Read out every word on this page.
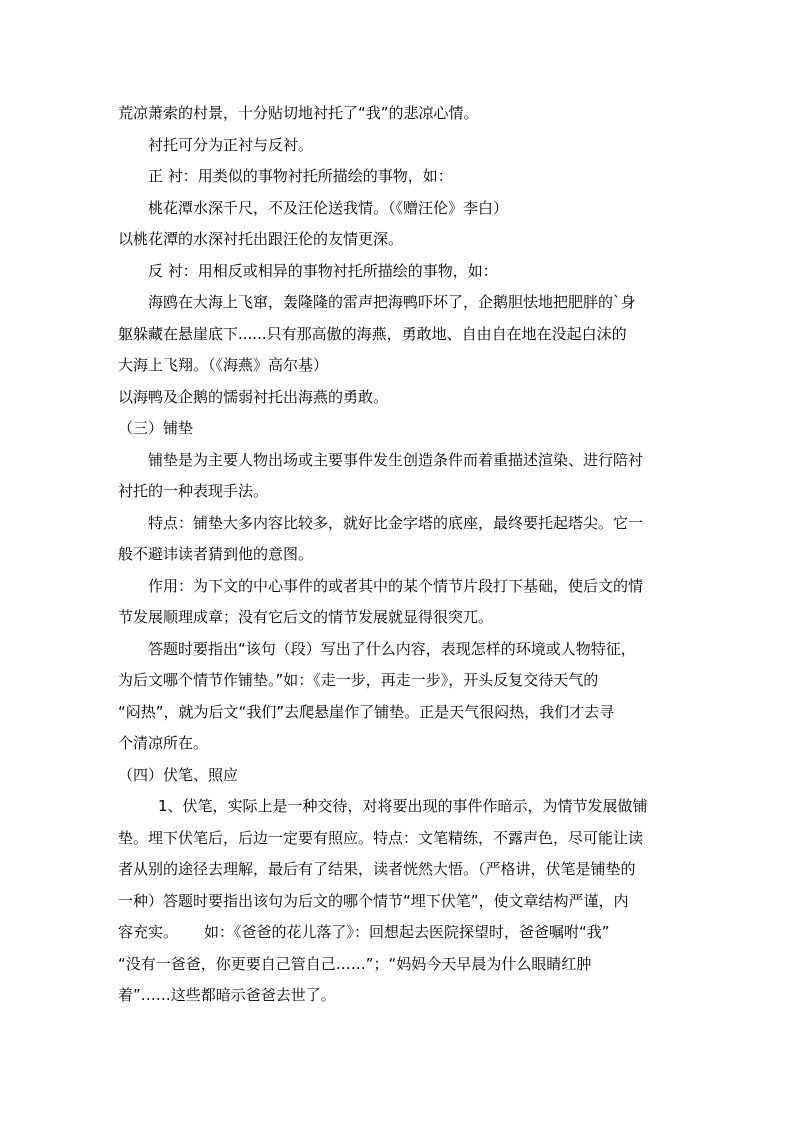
荒凉萧索的村景，十分贴切地衬托了“我”的悲凉心情。
衬托可分为正衬与反衬。
正 衬：用类似的事物衬托所描绘的事物，如：
桃花潭水深千尺，不及汪伦送我情。（《赠汪伦》李白）
以桃花潭的水深衬托出跟汪伦的友情更深。
反 衬：用相反或相异的事物衬托所描绘的事物，如：
海鸥在大海上飞窜，轰隆隆的雷声把海鸭吓坏了，企鹅胆怯地把肥胖的`身
躯躲藏在悬崖底下......只有那高傲的海燕，勇敢地、自由自在地在没起白沫的
大海上飞翔。（《海燕》高尔基）
以海鸭及企鹅的懦弱衬托出海燕的勇敢。
（三）铺垫
铺垫是为主要人物出场或主要事件发生创造条件而着重描述渲染、进行陪衬
衬托的一种表现手法。
特点：铺垫大多内容比较多，就好比金字塔的底座，最终要托起塔尖。它一
般不避讳读者猜到他的意图。
作用：为下文的中心事件的或者其中的某个情节片段打下基础，使后文的情
节发展顺理成章；没有它后文的情节发展就显得很突兀。
答题时要指出“该句（段）写出了什么内容，表现怎样的环境或人物特征，
为后文哪个情节作铺垫。”如：《走一步，再走一步》，开头反复交待天气的
“闷热”，就为后文“我们”去爬悬崖作了铺垫。正是天气很闷热，我们才去寻
个清凉所在。
（四）伏笔、照应
1、伏笔，实际上是一种交待，对将要出现的事件作暗示，为情节发展做铺
垫。埋下伏笔后，后边一定要有照应。特点：文笔精练，不露声色，尽可能让读
者从别的途径去理解，最后有了结果，读者恍然大悟。（严格讲，伏笔是铺垫的
一种）答题时要指出该句为后文的哪个情节“埋下伏笔”，使文章结构严谨，内
容充实。 如：《爸爸的花儿落了》：回想起去医院探望时，爸爸嘱咐“我”
“没有一爸爸，你更要自己管自己……”；“妈妈今天早晨为什么眼睛红肿
着”……这些都暗示爸爸去世了。
